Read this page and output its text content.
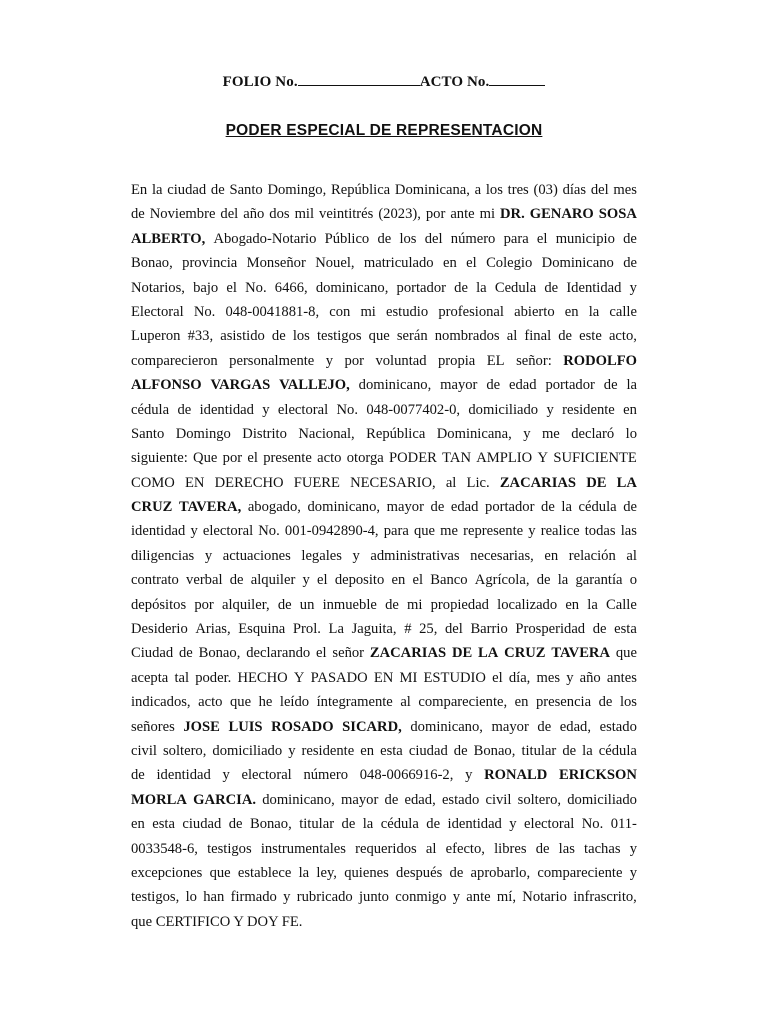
FOLIO No.	ACTO No.
PODER ESPECIAL DE REPRESENTACION
En la ciudad de Santo Domingo, República Dominicana, a los tres (03) días del mes
de Noviembre del año dos mil veintitrés (2023), por ante mi DR. GENARO SOSA
ALBERTO, Abogado-Notario Público de los del número para el municipio de
Bonao, provincia Monseñor Nouel, matriculado en el Colegio Dominicano de
Notarios, bajo el No. 6466, dominicano, portador de la Cedula de Identidad y
Electoral No. 048-0041881-8, con mi estudio profesional abierto en la calle
Luperon #33, asistido de los testigos que serán nombrados al final de este acto,
comparecieron personalmente y por voluntad propia EL señor: RODOLFO
ALFONSO VARGAS VALLEJO, dominicano, mayor de edad portador de la
cédula de identidad y electoral No. 048-0077402-0, domiciliado y residente en
Santo Domingo Distrito Nacional, República Dominicana, y me declaró lo
siguiente: Que por el presente acto otorga PODER TAN AMPLIO Y SUFICIENTE
COMO EN DERECHO FUERE NECESARIO, al Lic. ZACARIAS DE LA
CRUZ TAVERA, abogado, dominicano, mayor de edad portador de la cédula de
identidad y electoral No. 001-0942890-4, para que me represente y realice todas las
diligencias y actuaciones legales y administrativas necesarias, en relación al
contrato verbal de alquiler y el deposito en el Banco Agrícola, de la garantía o
depósitos por alquiler, de un inmueble de mi propiedad localizado en la Calle
Desiderio Arias, Esquina Prol. La Jaguita, # 25, del Barrio Prosperidad de esta
Ciudad de Bonao, declarando el señor ZACARIAS DE LA CRUZ TAVERA que
acepta tal poder. HECHO Y PASADO EN MI ESTUDIO el día, mes y año antes
indicados, acto que he leído íntegramente al compareciente, en presencia de los
señores JOSE LUIS ROSADO SICARD, dominicano, mayor de edad, estado
civil soltero, domiciliado y residente en esta ciudad de Bonao, titular de la cédula
de identidad y electoral número 048-0066916-2, y RONALD ERICKSON
MORLA GARCIA. dominicano, mayor de edad, estado civil soltero, domiciliado
en esta ciudad de Bonao, titular de la cédula de identidad y electoral No. 011-
0033548-6, testigos instrumentales requeridos al efecto, libres de las tachas y
excepciones que establece la ley, quienes después de aprobarlo, compareciente y
testigos, lo han firmado y rubricado junto conmigo y ante mí, Notario infrascrito,
que CERTIFICO Y DOY FE.
